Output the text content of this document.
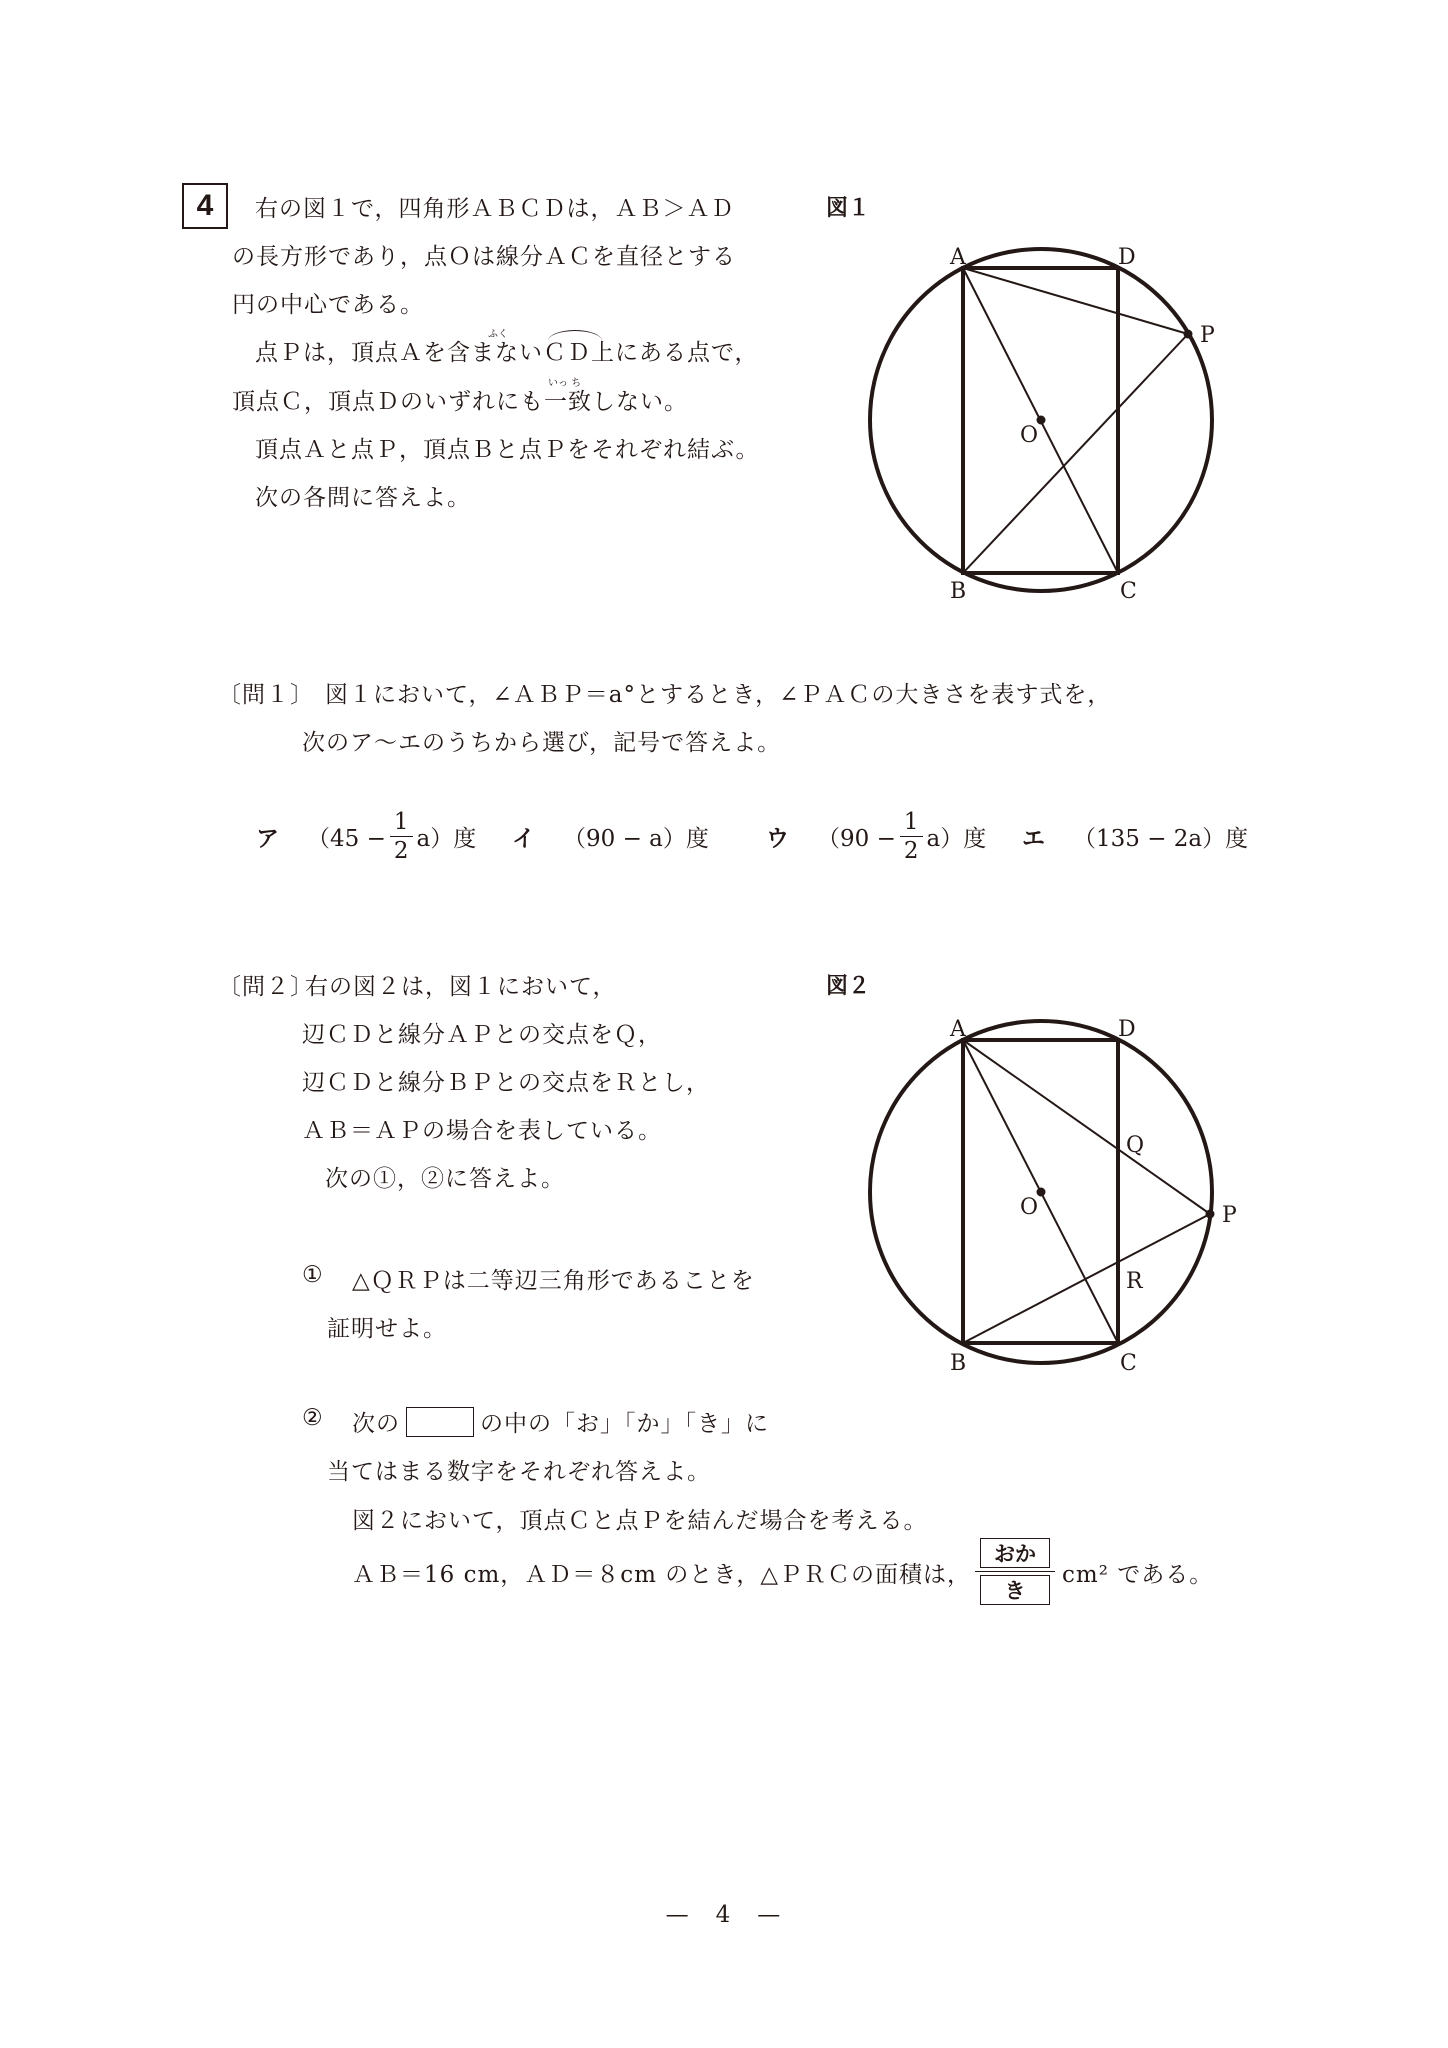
4 右の図１で，四角形ＡＢＣＤは，ＡＢ＞ＡＤ
の長方形であり，点Ｏは線分ＡＣを直径とする
円の中心である。
ふく
点Ｐは，頂点Ａを含まないＣＤ上にある点で，
いっ ち
頂点Ｃ，頂点Ｄのいずれにも一致しない。
頂点Ａと点Ｐ，頂点Ｂと点Ｐをそれぞれ結ぶ。
次の各問に答えよ。
図１
〔問１〕 図１において，∠ＡＢＰ＝a°とするとき，∠ＰＡＣの大きさを表す式を，
次のア〜エのうちから選び，記号で答えよ。
ア $(45 - \frac{1}{2} a)$度 イ （90 − a）度 ウ $(90 - \frac{1}{2} a)$度 エ （135 − 2a）度
〔問２〕
右の図２は，図１において，
辺ＣＤと線分ＡＰとの交点をＱ，
辺ＣＤと線分ＢＰとの交点をＲとし，
ＡＢ＝ＡＰの場合を表している。
次の①，②に答えよ。
図２
① △ＱＲＰは二等辺三角形であることを
証明せよ。
② 次の	の中の「お」「か」「き」に
当てはまる数字をそれぞれ答えよ。
図２において，頂点Ｃと点Ｐを結んだ場合を考える。
ＡＢ＝16 cm，ＡＤ＝８cm のとき，△ＰＲＣの面積は，
おか
き
cm² である。
A	D
B	C
O
P
A	D
B	C
O	P
Q
R
—　4　—
